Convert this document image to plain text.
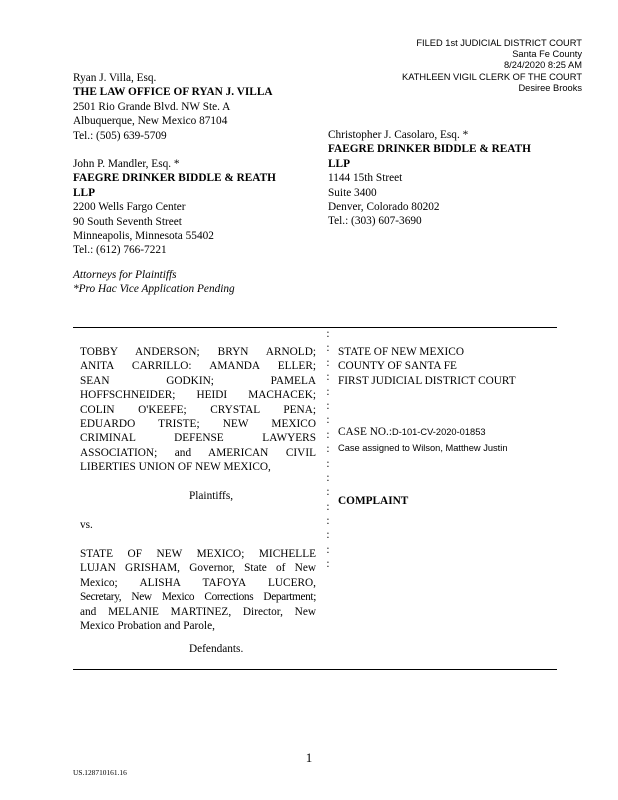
FILED 1st JUDICIAL DISTRICT COURT
Santa Fe County
8/24/2020 8:25 AM
KATHLEEN VIGIL CLERK OF THE COURT
Desiree Brooks
Ryan J. Villa, Esq.
THE LAW OFFICE OF RYAN J. VILLA
2501 Rio Grande Blvd. NW Ste. A
Albuquerque, New Mexico 87104
Tel.: (505) 639-5709
John P. Mandler, Esq. *
FAEGRE DRINKER BIDDLE & REATH
LLP
2200 Wells Fargo Center
90 South Seventh Street
Minneapolis, Minnesota 55402
Tel.: (612) 766-7221
Christopher J. Casolaro, Esq. *
FAEGRE DRINKER BIDDLE & REATH
LLP
1144 15th Street
Suite 3400
Denver, Colorado 80202
Tel.: (303) 607-3690
Attorneys for Plaintiffs
*Pro Hac Vice Application Pending
:
:
:
:
:
:
:
:
:
:
:
:
:
:
:
:
:
TOBBY ANDERSON; BRYN ARNOLD;
ANITA CARRILLO: AMANDA ELLER;
SEAN GODKIN; PAMELA
HOFFSCHNEIDER; HEIDI MACHACEK;
COLIN O'KEEFE; CRYSTAL PENA;
EDUARDO TRISTE; NEW MEXICO
CRIMINAL DEFENSE LAWYERS
ASSOCIATION; and AMERICAN CIVIL
LIBERTIES UNION OF NEW MEXICO,
Plaintiffs,
vs.
STATE OF NEW MEXICO; MICHELLE
LUJAN GRISHAM, Governor, State of New
Mexico; ALISHA TAFOYA LUCERO,
Secretary, New Mexico Corrections Department;
and MELANIE MARTINEZ, Director, New
Mexico Probation and Parole,
Defendants.
STATE OF NEW MEXICO
COUNTY OF SANTA FE
FIRST JUDICIAL DISTRICT COURT
CASE NO.:D-101-CV-2020-01853
Case assigned to Wilson, Matthew Justin
COMPLAINT
1
US.128710161.16
